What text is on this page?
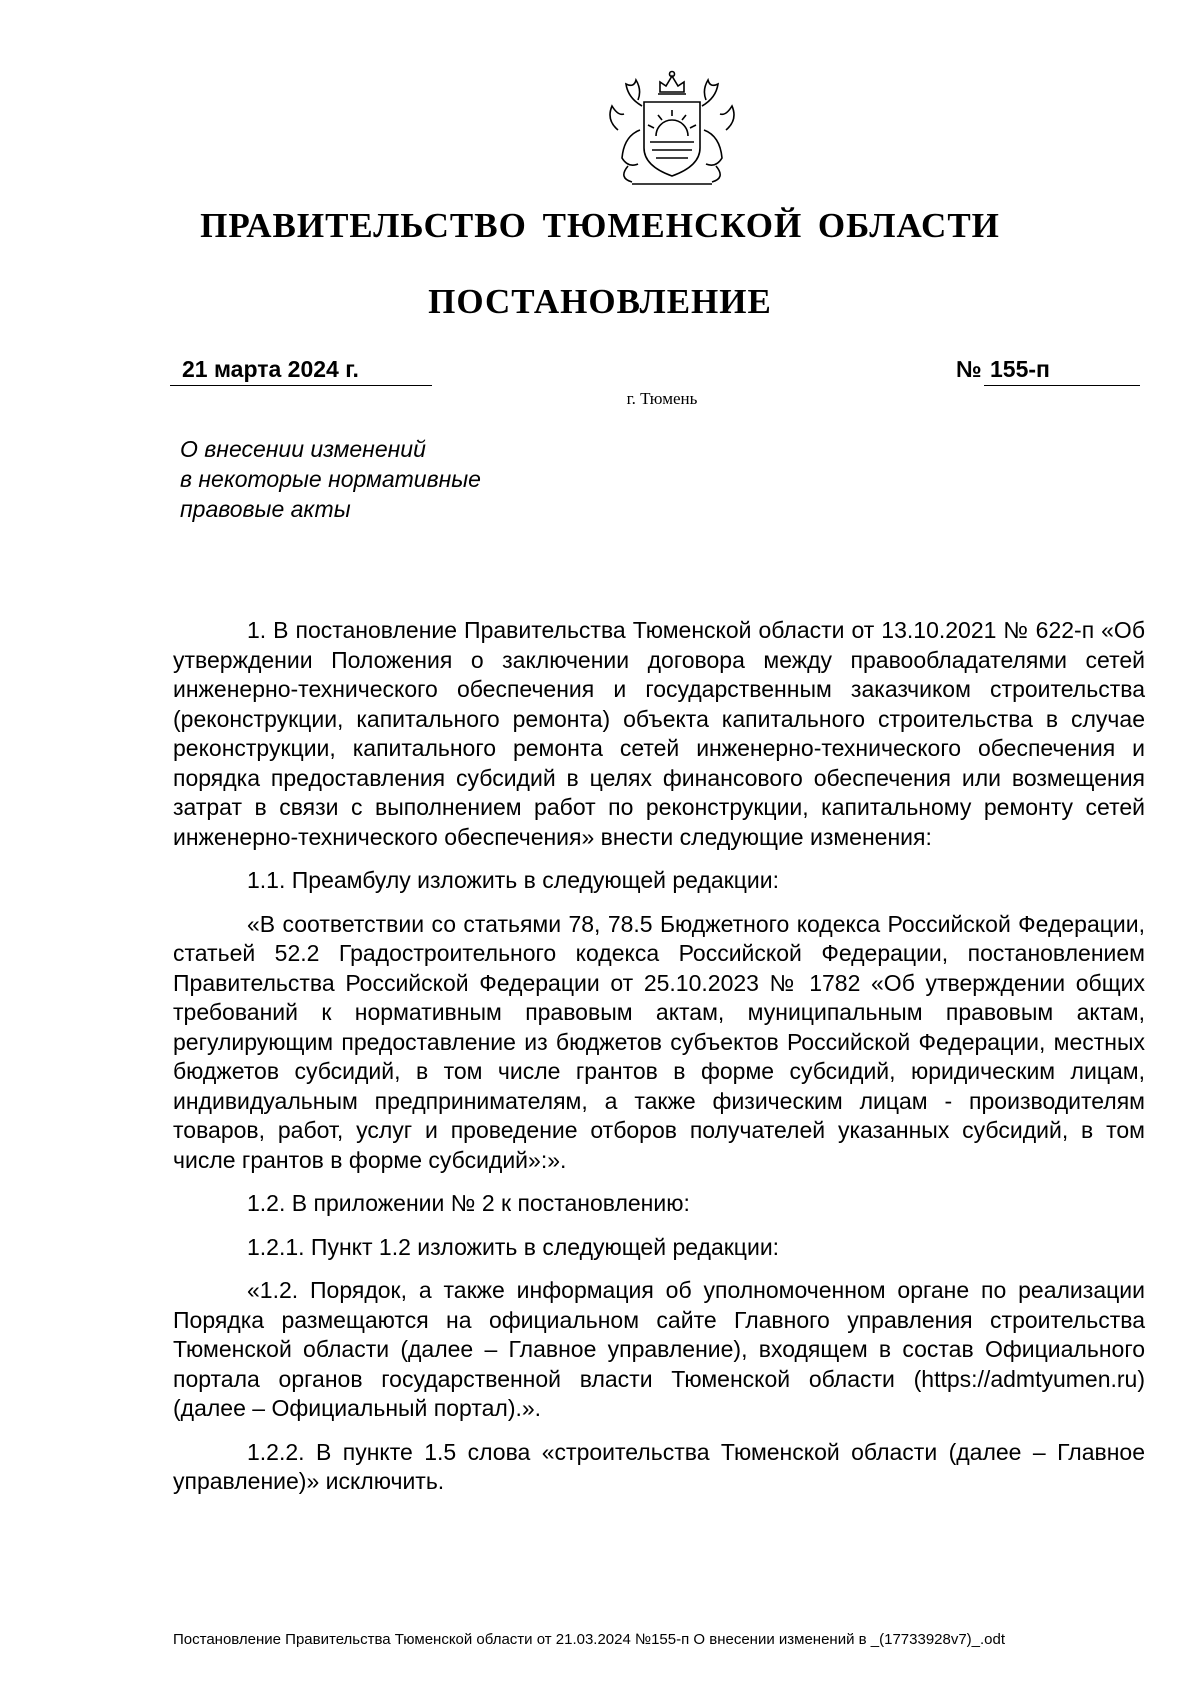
ПРАВИТЕЛЬСТВО ТЮМЕНСКОЙ ОБЛАСТИ
ПОСТАНОВЛЕНИЕ
21 марта 2024 г.	№ 155-п
г. Тюмень
О внесении изменений
в некоторые нормативные
правовые акты

1. В постановление Правительства Тюменской области от 13.10.2021 № 622-п «Об утверждении Положения о заключении договора между правообладателями сетей инженерно-технического обеспечения и государственным заказчиком строительства (реконструкции, капитального ремонта) объекта капитального строительства в случае реконструкции, капитального ремонта сетей инженерно-технического обеспечения и порядка предоставления субсидий в целях финансового обеспечения или возмещения затрат в связи с выполнением работ по реконструкции, капитальному ремонту сетей инженерно-технического обеспечения» внести следующие изменения:

1.1. Преамбулу изложить в следующей редакции:

«В соответствии со статьями 78, 78.5 Бюджетного кодекса Российской Федерации, статьей 52.2 Градостроительного кодекса Российской Федерации, постановлением Правительства Российской Федерации от 25.10.2023 № 1782 «Об утверждении общих требований к нормативным правовым актам, муниципальным правовым актам, регулирующим предоставление из бюджетов субъектов Российской Федерации, местных бюджетов субсидий, в том числе грантов в форме субсидий, юридическим лицам, индивидуальным предпринимателям, а также физическим лицам - производителям товаров, работ, услуг и проведение отборов получателей указанных субсидий, в том числе грантов в форме субсидий»:».

1.2. В приложении № 2 к постановлению:

1.2.1. Пункт 1.2 изложить в следующей редакции:

«1.2. Порядок, а также информация об уполномоченном органе по реализации Порядка размещаются на официальном сайте Главного управления строительства Тюменской области (далее – Главное управление), входящем в состав Официального портала органов государственной власти Тюменской области (https://admtyumen.ru) (далее – Официальный портал).».

1.2.2. В пункте 1.5 слова «строительства Тюменской области (далее – Главное управление)» исключить.

Постановление Правительства Тюменской области от 21.03.2024 №155-п О внесении изменений в _(17733928v7)_.odt
